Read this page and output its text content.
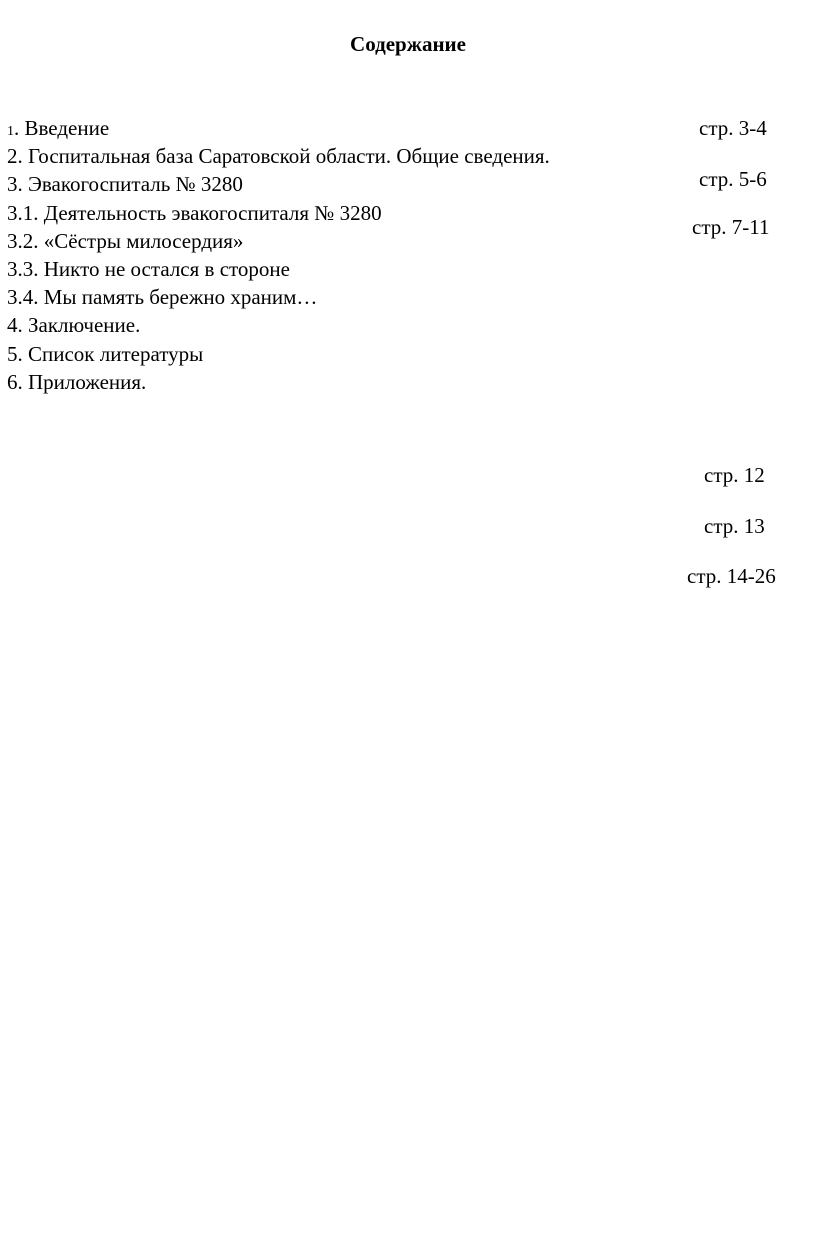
Содержание
1. Введение
2. Госпитальная база Саратовской области. Общие сведения.
3. Эвакогоспиталь № 3280
3.1. Деятельность эвакогоспиталя № 3280
3.2. «Сёстры милосердия»
3.3. Никто не остался в стороне
3.4. Мы память бережно храним…
4. Заключение.
5. Список литературы
6. Приложения.
стр. 3-4
стр. 5-6
стр. 7-11
стр. 12
стр. 13
стр. 14-26
